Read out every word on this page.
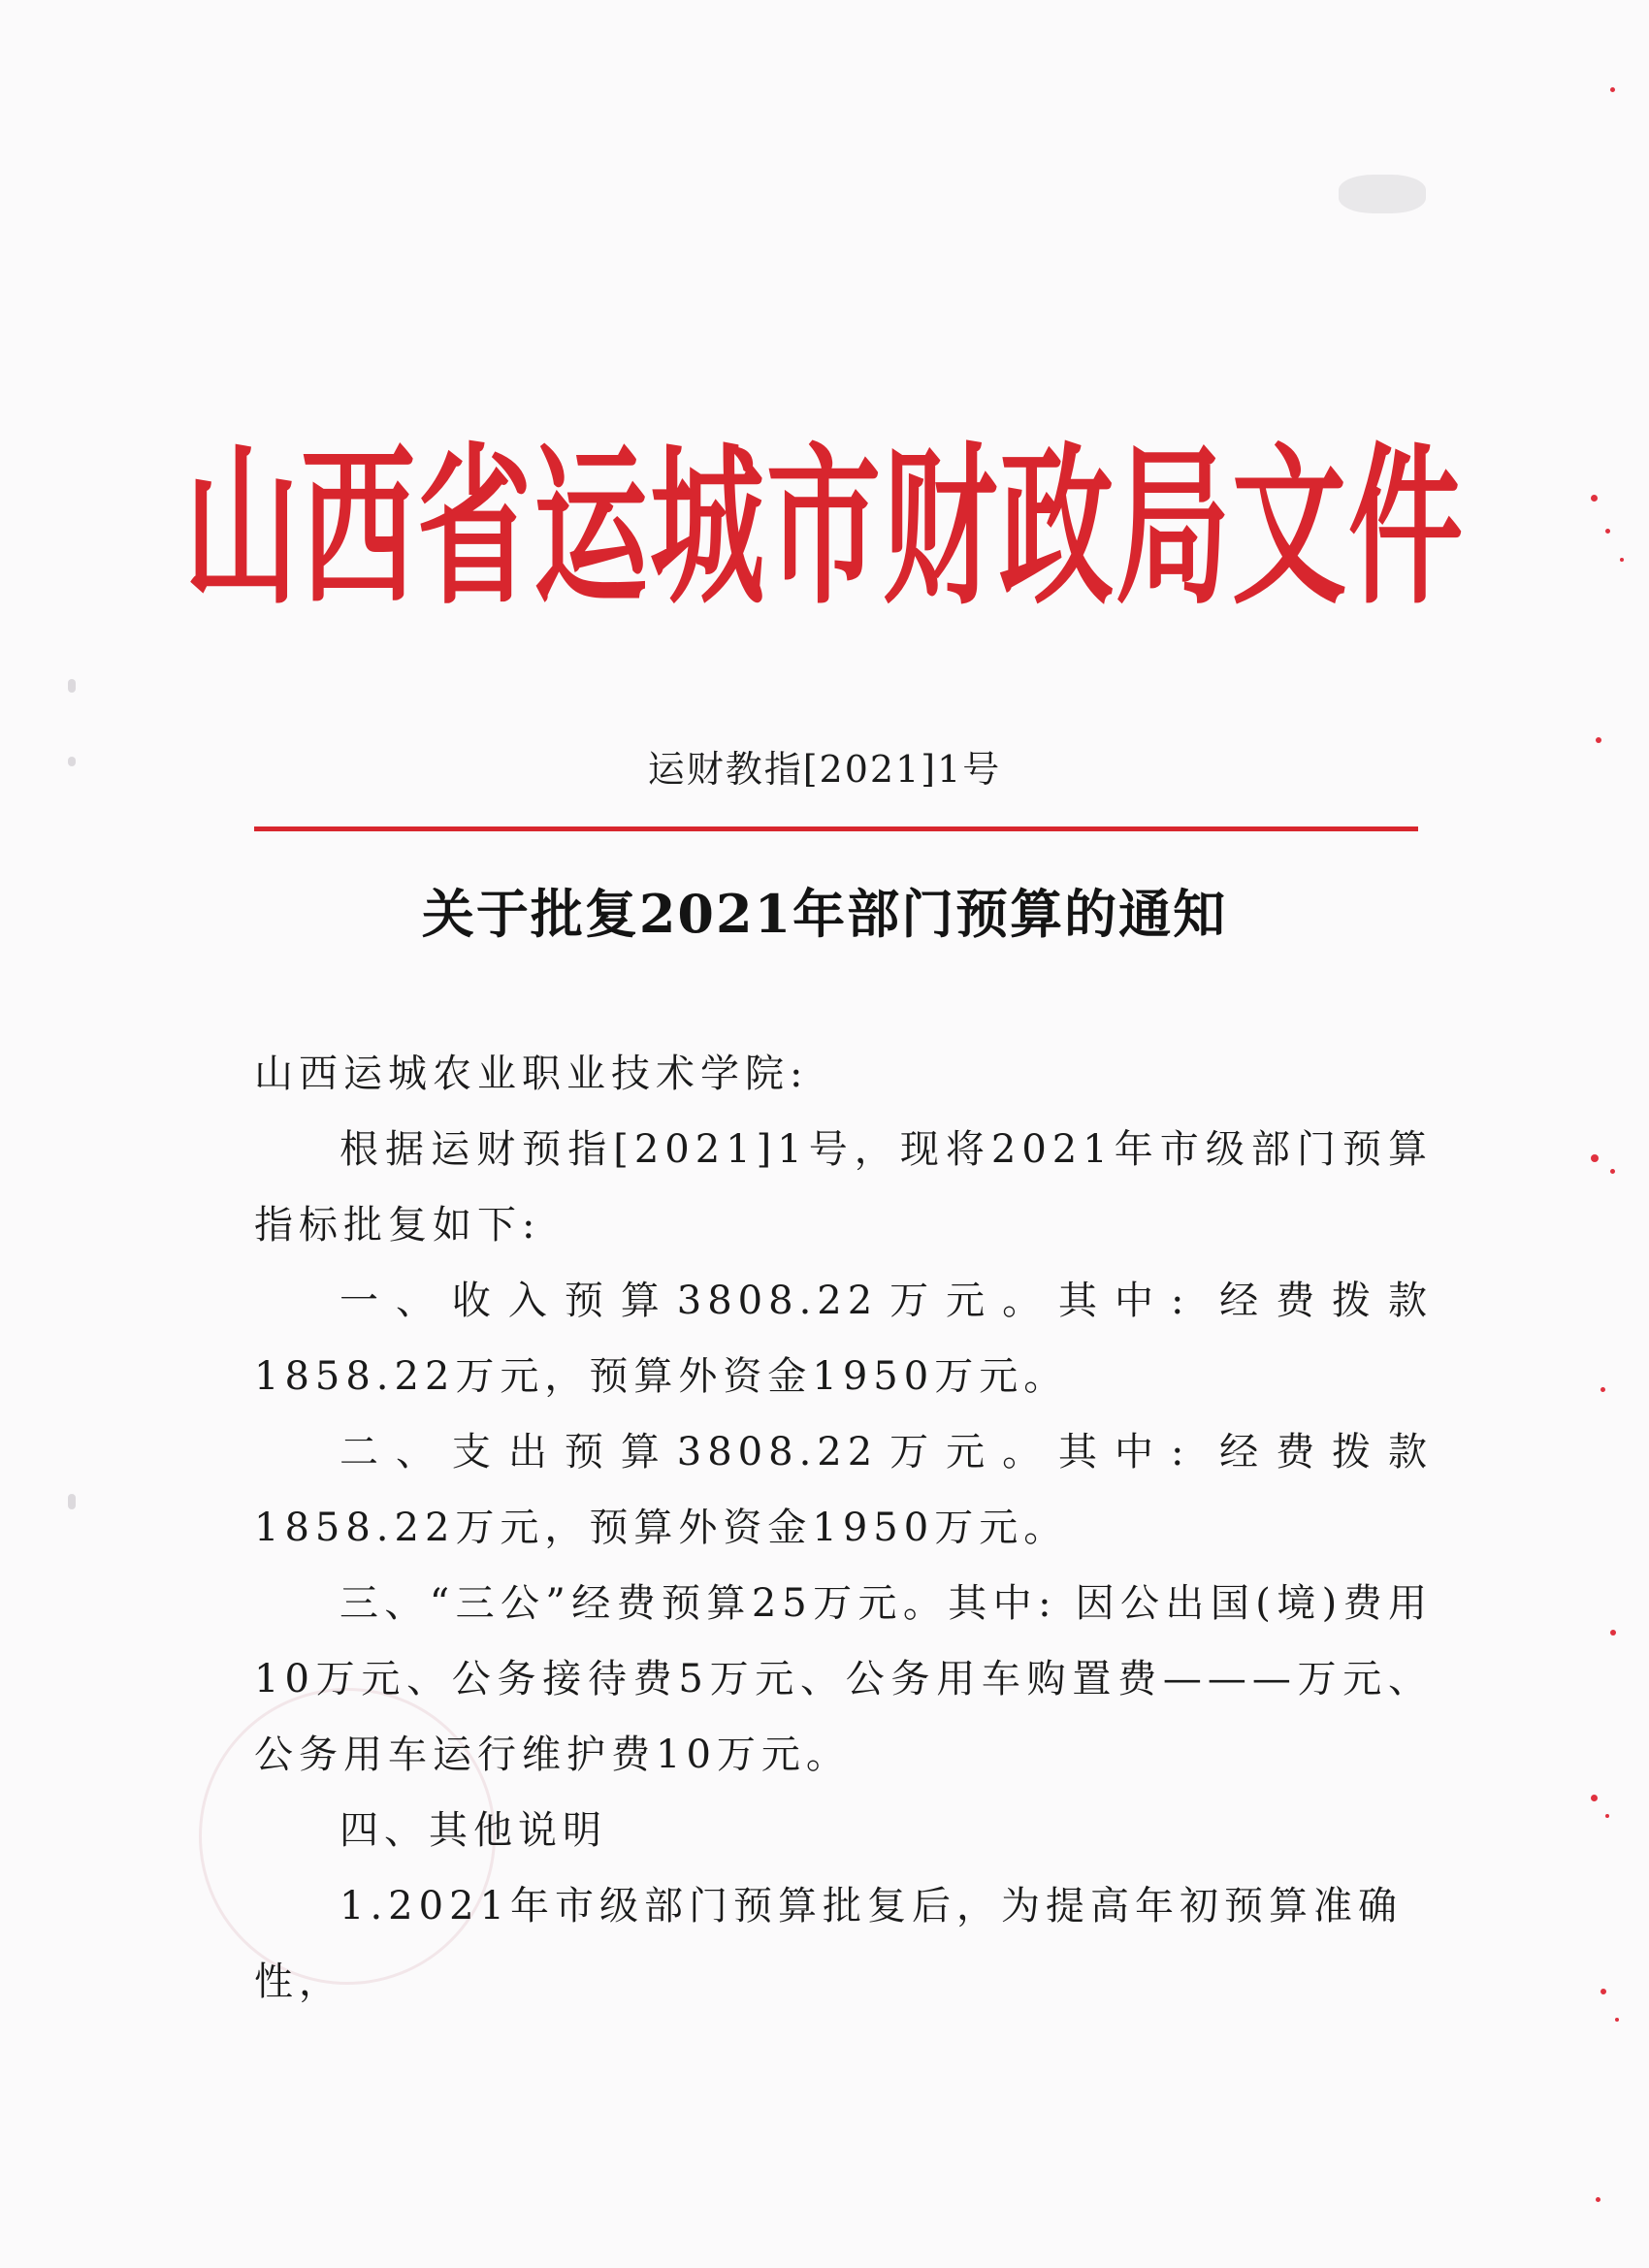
山西省运城市财政局文件
运财教指[2021]1号
关于批复2021年部门预算的通知

山西运城农业职业技术学院:

根据运财预指[2021]1号，现将2021年市级部门预算指标批复如下:

一、收入预算3808.22万元。其中: 经费拨款1858.22万元，预算外资金1950万元。

二、支出预算3808.22万元。其中: 经费拨款1858.22万元，预算外资金1950万元。

三、“三公”经费预算25万元。其中: 因公出国(境)费用10万元、公务接待费5万元、公务用车购置费———万元、公务用车运行维护费10万元。

四、其他说明

1.2021年市级部门预算批复后，为提高年初预算准确性，
